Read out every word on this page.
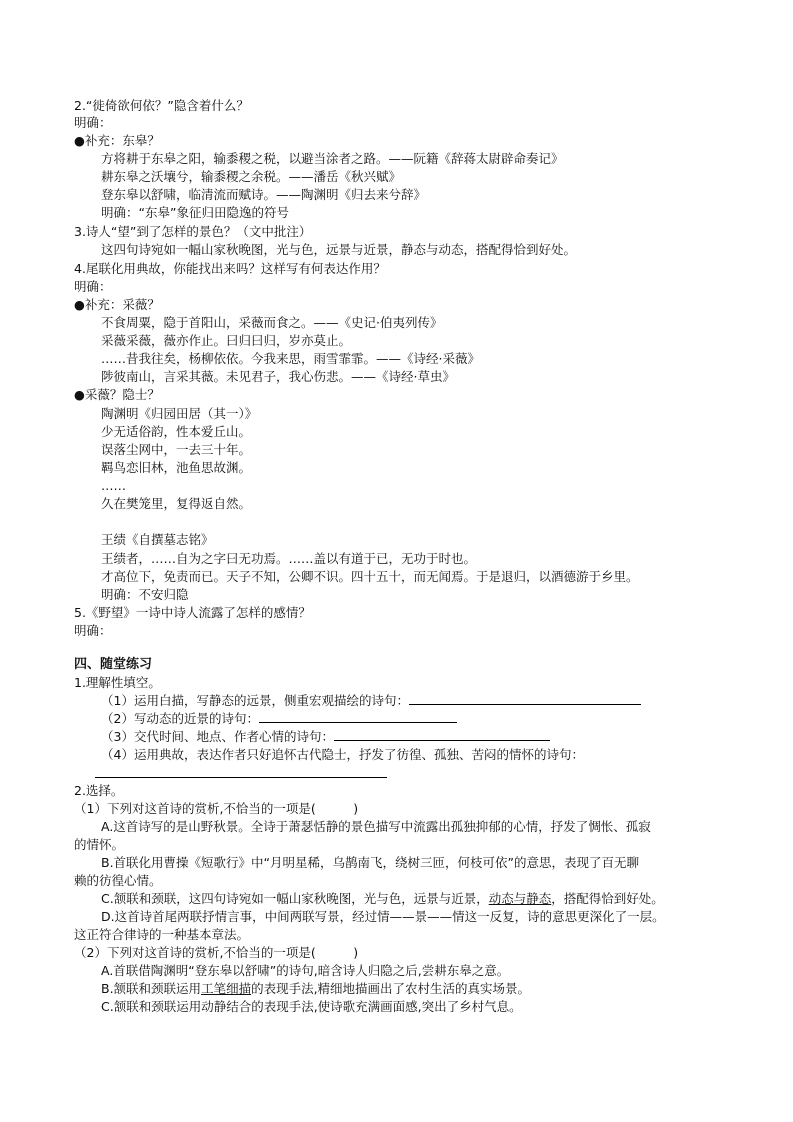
2.“徙倚欲何依？”隐含着什么？
明确：
●补充：东皋？
方将耕于东皋之阳，输黍稷之税，以避当涂者之路。——阮籍《辞蒋太尉辟命奏记》
耕东皋之沃壤兮，输黍稷之余税。——潘岳《秋兴赋》
登东皋以舒啸，临清流而赋诗。——陶渊明《归去来兮辞》
明确：“东皋”象征归田隐逸的符号
3.诗人“望”到了怎样的景色？（文中批注）
这四句诗宛如一幅山家秋晚图，光与色，远景与近景，静态与动态，搭配得恰到好处。
4.尾联化用典故，你能找出来吗？这样写有何表达作用？
明确：
●补充：采薇？
不食周粟，隐于首阳山，采薇而食之。——《史记·伯夷列传》
采薇采薇，薇亦作止。曰归曰归，岁亦莫止。
……昔我往矣，杨柳依依。今我来思，雨雪霏霏。——《诗经·采薇》
陟彼南山，言采其薇。未见君子，我心伤悲。——《诗经·草虫》
●采薇？隐士？
陶渊明《归园田居（其一）》
少无适俗韵，性本爱丘山。
误落尘网中，一去三十年。
羁鸟恋旧林，池鱼思故渊。
……
久在樊笼里，复得返自然。
王绩《自撰墓志铭》
王绩者，……自为之字曰无功焉。……盖以有道于已，无功于时也。
才高位下，免责而已。天子不知，公卿不识。四十五十，而无闻焉。于是退归，以酒德游于乡里。
明确：不安归隐
5.《野望》一诗中诗人流露了怎样的感情？
明确：
四、随堂练习
1.理解性填空。
（1）运用白描，写静态的远景，侧重宏观描绘的诗句：
（2）写动态的近景的诗句：
（3）交代时间、地点、作者心情的诗句：
（4）运用典故，表达作者只好追怀古代隐士，抒发了彷徨、孤独、苦闷的情怀的诗句：
2.选择。
（1）下列对这首诗的赏析,不恰当的一项是(　　　)
A.这首诗写的是山野秋景。全诗于萧瑟恬静的景色描写中流露出孤独抑郁的心情，抒发了惆怅、孤寂
的情怀。
B.首联化用曹操《短歌行》中“月明星稀，乌鹊南飞，绕树三匝，何枝可依”的意思，表现了百无聊
赖的彷徨心情。
C.颔联和颈联，这四句诗宛如一幅山家秋晚图，光与色，远景与近景，动态与静态，搭配得恰到好处。
D.这首诗首尾两联抒情言事，中间两联写景，经过情——景——情这一反复，诗的意思更深化了一层。
这正符合律诗的一种基本章法。
（2）下列对这首诗的赏析,不恰当的一项是(　　　)
A.首联借陶渊明“登东皋以舒啸”的诗句,暗含诗人归隐之后,尝耕东皋之意。
B.颔联和颈联运用工笔细描的表现手法,精细地描画出了农村生活的真实场景。
C.颔联和颈联运用动静结合的表现手法,使诗歌充满画面感,突出了乡村气息。
